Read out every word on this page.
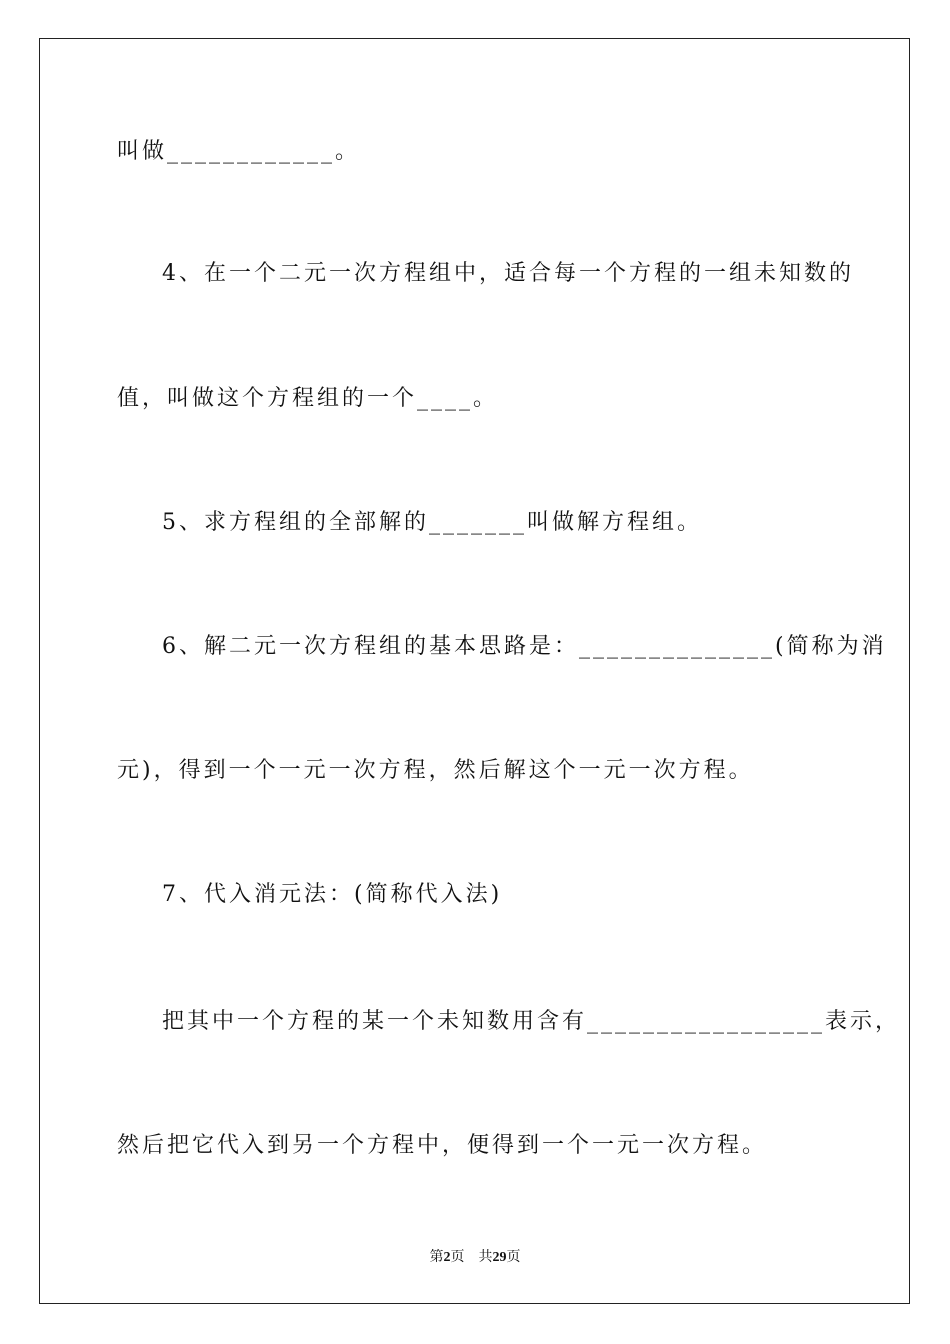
叫做____________。
4、在一个二元一次方程组中，适合每一个方程的一组未知数的
值，叫做这个方程组的一个____。
5、求方程组的全部解的_______叫做解方程组。
6、解二元一次方程组的基本思路是：______________(简称为消
元)，得到一个一元一次方程，然后解这个一元一次方程。
7、代入消元法：(简称代入法)
把其中一个方程的某一个未知数用含有_________________表示，
然后把它代入到另一个方程中，便得到一个一元一次方程。
第2页 共29页
